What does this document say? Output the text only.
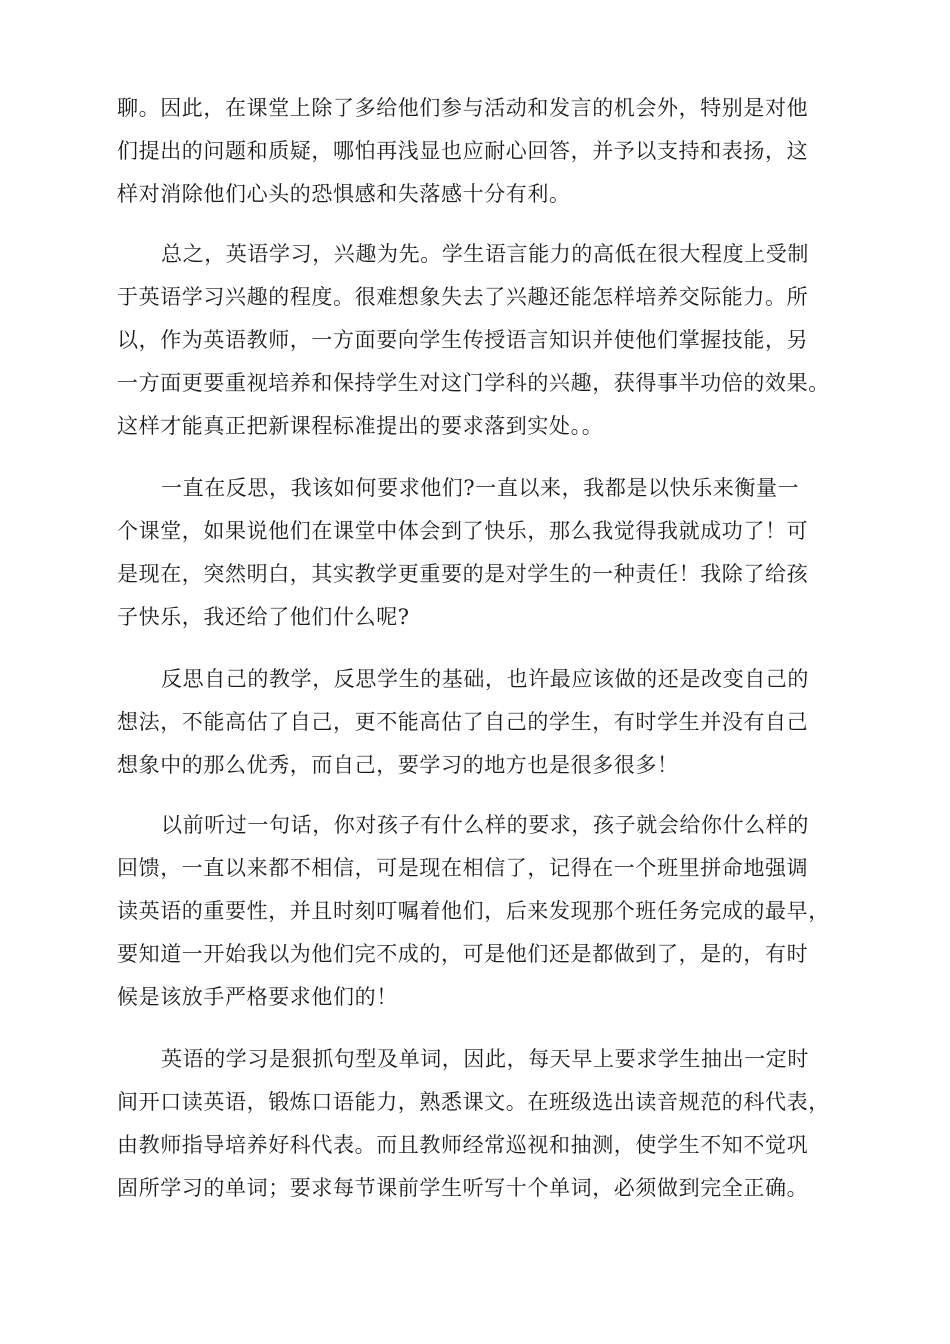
聊。因此，在课堂上除了多给他们参与活动和发言的机会外，特别是对他
们提出的问题和质疑，哪怕再浅显也应耐心回答，并予以支持和表扬，这
样对消除他们心头的恐惧感和失落感十分有利。

总之，英语学习，兴趣为先。学生语言能力的高低在很大程度上受制
于英语学习兴趣的程度。很难想象失去了兴趣还能怎样培养交际能力。所
以，作为英语教师，一方面要向学生传授语言知识并使他们掌握技能，另
一方面更要重视培养和保持学生对这门学科的兴趣，获得事半功倍的效果。
这样才能真正把新课程标准提出的要求落到实处。。

一直在反思，我该如何要求他们?一直以来，我都是以快乐来衡量一
个课堂，如果说他们在课堂中体会到了快乐，那么我觉得我就成功了！可
是现在，突然明白，其实教学更重要的是对学生的一种责任！我除了给孩
子快乐，我还给了他们什么呢?

反思自己的教学，反思学生的基础，也许最应该做的还是改变自己的
想法，不能高估了自己，更不能高估了自己的学生，有时学生并没有自己
想象中的那么优秀，而自己，要学习的地方也是很多很多！

以前听过一句话，你对孩子有什么样的要求，孩子就会给你什么样的
回馈，一直以来都不相信，可是现在相信了，记得在一个班里拼命地强调
读英语的重要性，并且时刻叮嘱着他们，后来发现那个班任务完成的最早，
要知道一开始我以为他们完不成的，可是他们还是都做到了，是的，有时
候是该放手严格要求他们的！

英语的学习是狠抓句型及单词，因此，每天早上要求学生抽出一定时
间开口读英语，锻炼口语能力，熟悉课文。在班级选出读音规范的科代表，
由教师指导培养好科代表。而且教师经常巡视和抽测，使学生不知不觉巩
固所学习的单词；要求每节课前学生听写十个单词，必须做到完全正确。
